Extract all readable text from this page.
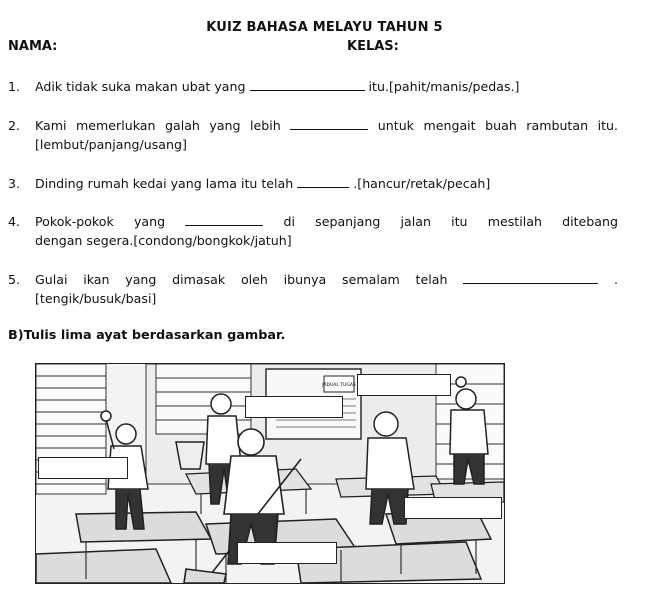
KUIZ BAHASA MELAYU TAHUN 5
NAMA:	KELAS:
1. Adik tidak suka makan ubat yang	itu.[pahit/manis/pedas.]
2. Kami memerlukan galah yang lebih	untuk mengait buah rambutan itu.
[lembut/panjang/usang]
3. Dinding rumah kedai yang lama itu telah	.[hancur/retak/pecah]
4. Pokok-pokok yang	di sepanjang jalan itu mestilah ditebang
dengan segera.[condong/bongkok/jatuh]
5. Gulai ikan yang dimasak oleh ibunya semalam telah	.
[tengik/busuk/basi]
B)Tulis lima ayat berdasarkan gambar.
JADUAL TUGAS
